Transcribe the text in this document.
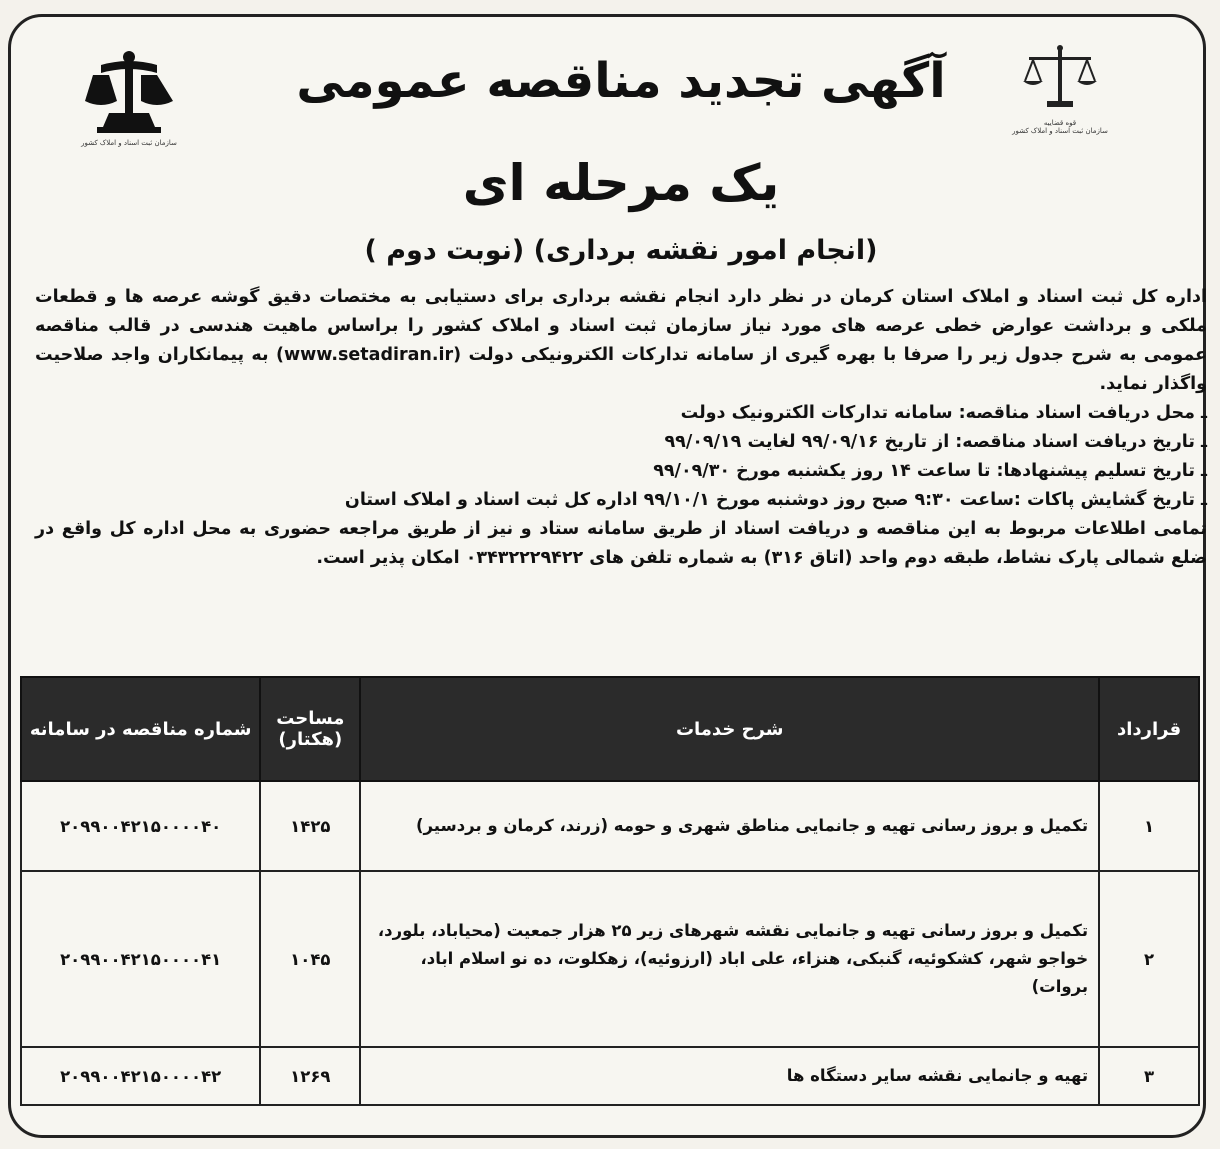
سازمان ثبت اسناد و املاک کشور
آگهی تجدید مناقصه عمومی
یک مرحله ای
(انجام امور نقشه برداری) (نوبت دوم )
قوه قضاییه
سازمان ثبت اسناد و املاک کشور

اداره کل ثبت اسناد و املاک استان کرمان در نظر دارد انجام نقشه برداری برای دستیابی به مختصات دقیق گوشه عرصه ها و قطعات ملکی و برداشت عوارض خطی عرصه های مورد نیاز سازمان ثبت اسناد و املاک کشور را براساس ماهیت هندسی در قالب مناقصه عمومی به شرح جدول زیر را صرفا با بهره گیری از سامانه تدارکات الکترونیکی دولت (www.setadiran.ir) به پیمانکاران واجد صلاحیت واگذار نماید.

ـ محل دریافت اسناد مناقصه: سامانه تدارکات الکترونیک دولت

ـ تاریخ دریافت اسناد مناقصه: از تاریخ ۹۹/۰۹/۱۶ لغایت ۹۹/۰۹/۱۹

ـ تاریخ تسلیم پیشنهادها: تا ساعت ۱۴ روز یکشنبه مورخ ۹۹/۰۹/۳۰

ـ تاریخ گشایش پاکات :ساعت ۹:۳۰ صبح روز دوشنبه مورخ ۹۹/۱۰/۱ اداره کل ثبت اسناد و املاک استان

تمامی اطلاعات مربوط به این مناقصه و دریافت اسناد از طریق سامانه ستاد و نیز از طریق مراجعه حضوری به محل اداره کل واقع در ضلع شمالی پارک نشاط، طبقه دوم واحد (اتاق ۳۱۶) به شماره تلفن های ۰۳۴۳۲۲۲۹۴۲۲ امکان پذیر است.

قرارداد	شرح خدمات	مساحت (هکتار)	شماره مناقصه در سامانه
۱	تکمیل و بروز رسانی تهیه و جانمایی مناطق شهری و حومه (زرند، کرمان و بردسیر)	۱۴۲۵	۲۰۹۹۰۰۴۲۱۵۰۰۰۰۴۰
۲	تکمیل و بروز رسانی تهیه و جانمایی نقشه شهرهای زیر ۲۵ هزار جمعیت (محیاباد، بلورد، خواجو شهر، کشکوئیه، گنبکی، هنزاء، علی اباد (ارزوئیه)، زهکلوت، ده نو اسلام اباد، بروات)	۱۰۴۵	۲۰۹۹۰۰۴۲۱۵۰۰۰۰۴۱
۳	تهیه و جانمایی نقشه سایر دستگاه ها	۱۲۶۹	۲۰۹۹۰۰۴۲۱۵۰۰۰۰۴۲
